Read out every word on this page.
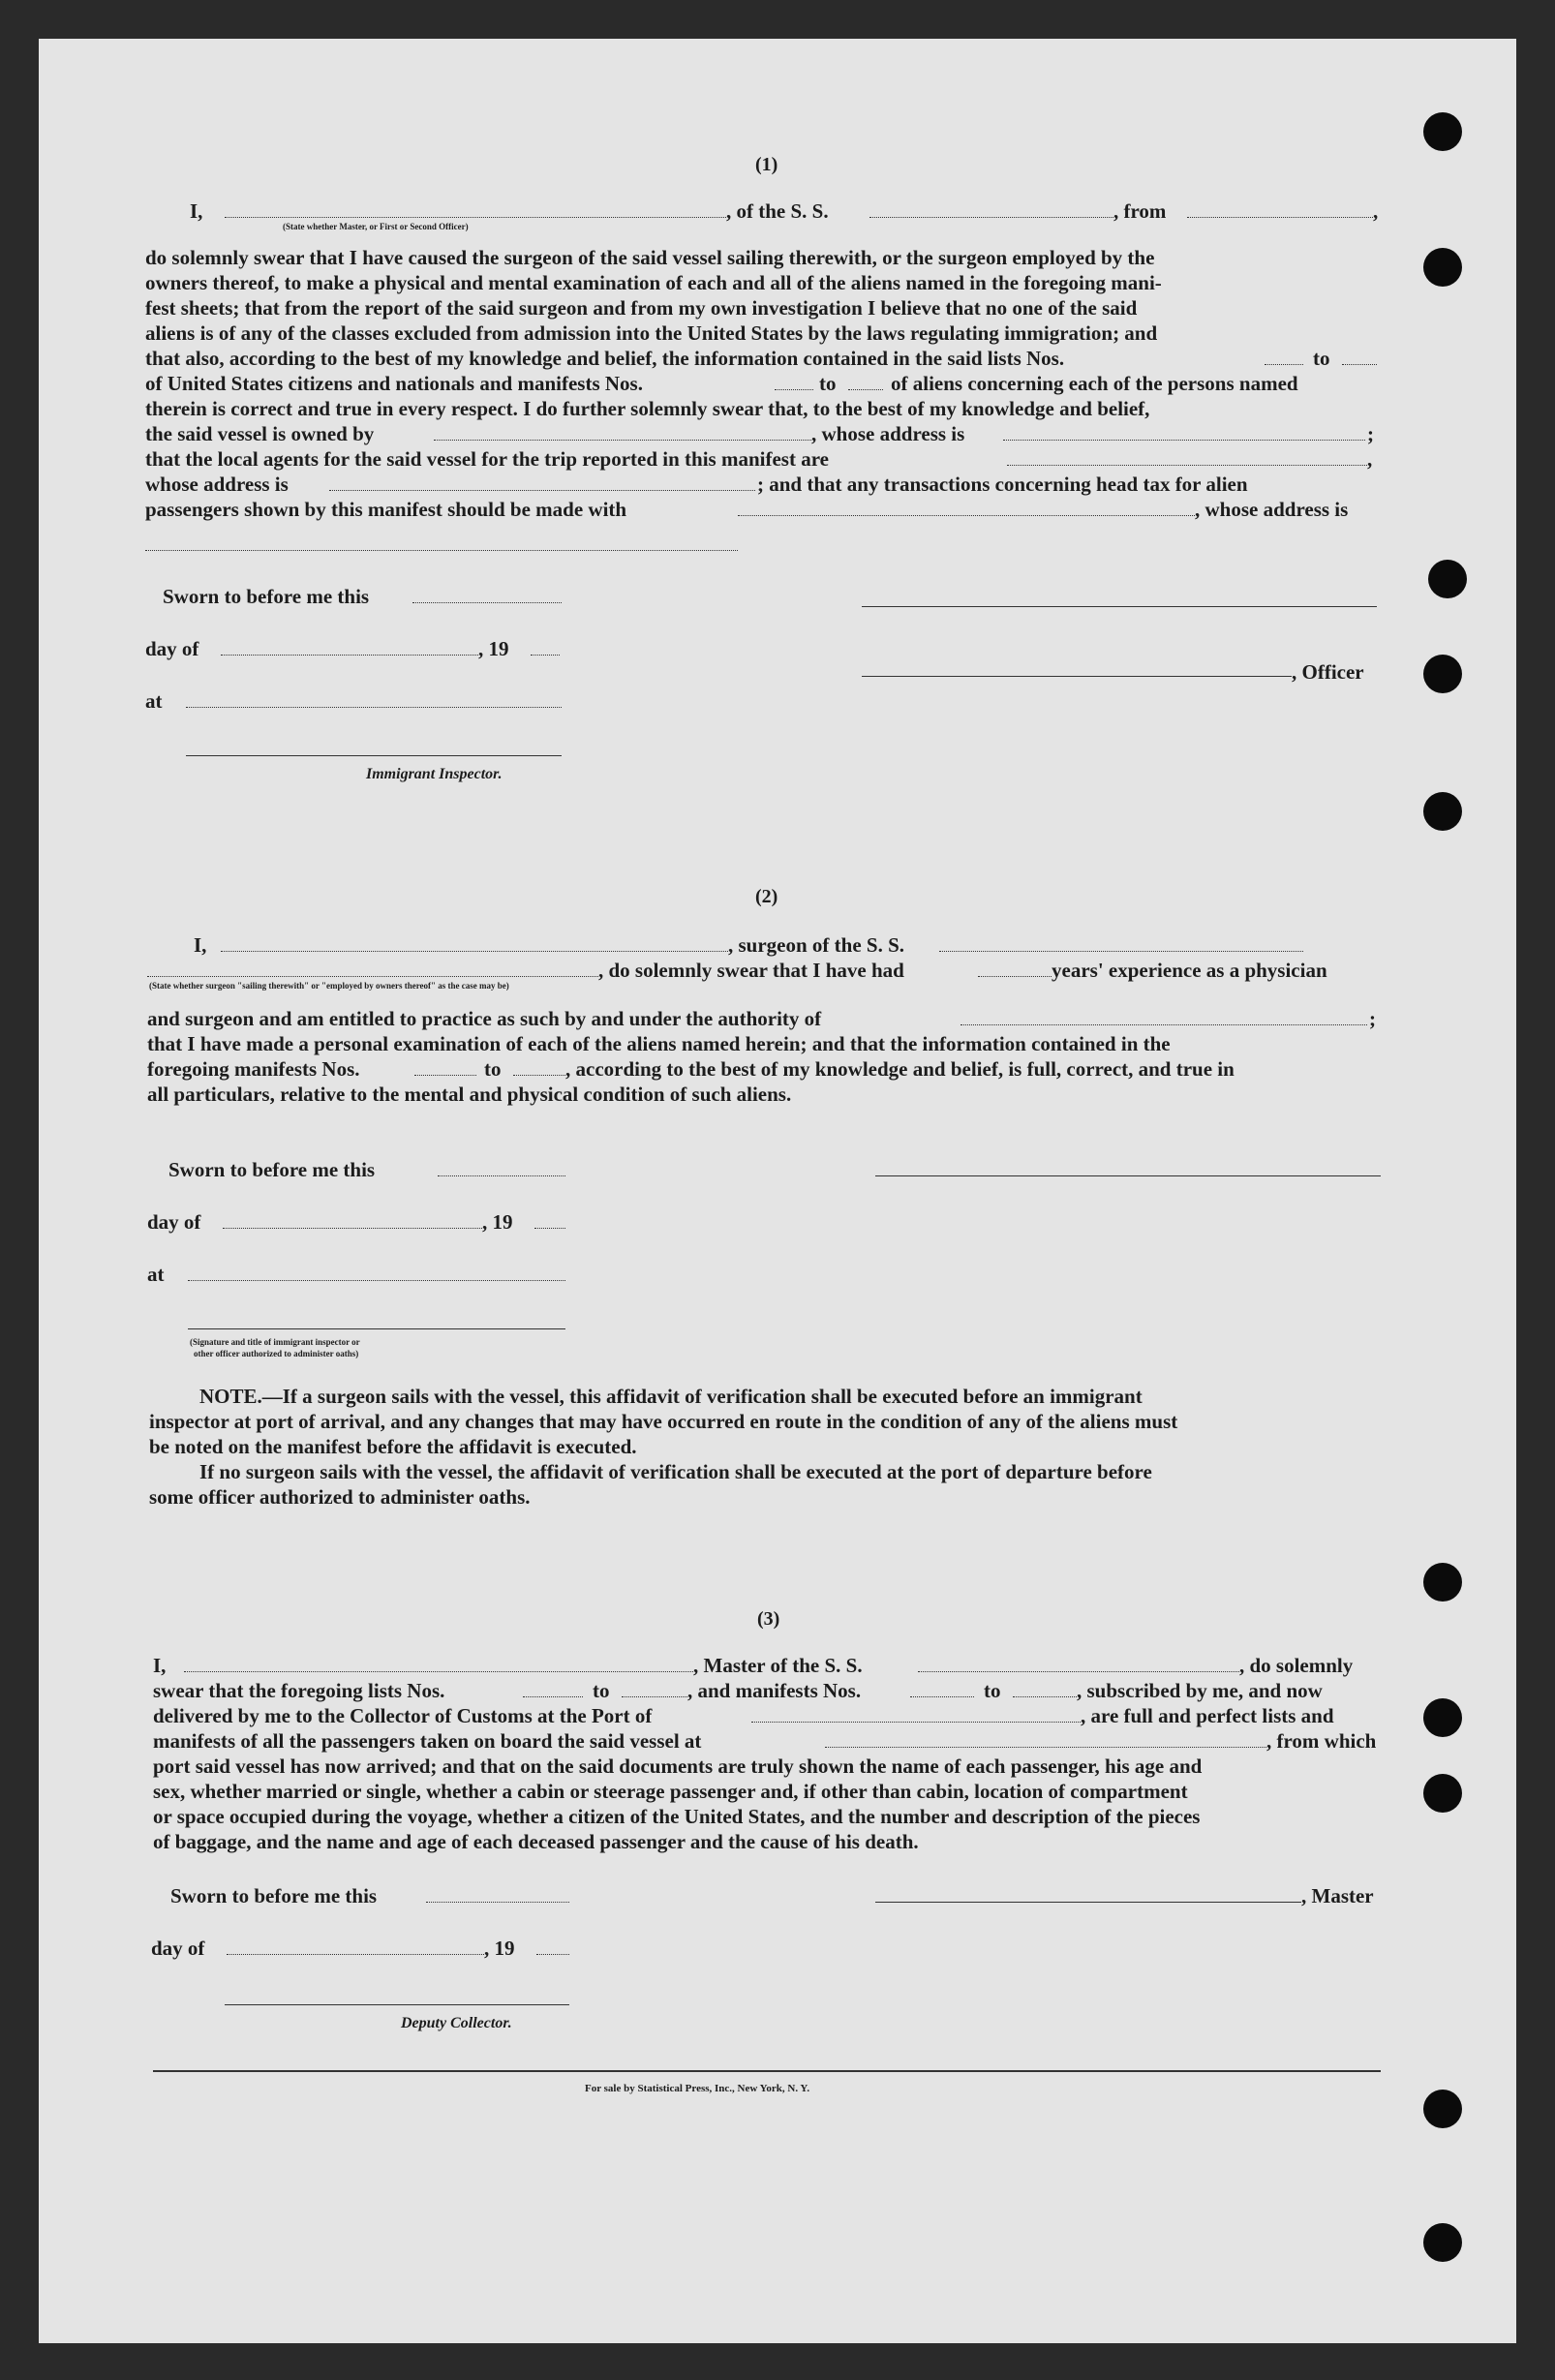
(1)
I,	, of the S. S.	, from	,
(State whether Master, or First or Second Officer)
do solemnly swear that I have caused the surgeon of the said vessel sailing therewith, or the surgeon employed by the
owners thereof, to make a physical and mental examination of each and all of the aliens named in the foregoing mani-
fest sheets; that from the report of the said surgeon and from my own investigation I believe that no one of the said
aliens is of any of the classes excluded from admission into the United States by the laws regulating immigration; and
that also, according to the best of my knowledge and belief, the information contained in the said lists Nos.	to
of United States citizens and nationals and manifests Nos.	to	of aliens concerning each of the persons named
therein is correct and true in every respect. I do further solemnly swear that, to the best of my knowledge and belief,
the said vessel is owned by	, whose address is	;
that the local agents for the said vessel for the trip reported in this manifest are	,
whose address is	; and that any transactions concerning head tax for alien
passengers shown by this manifest should be made with	, whose address is
Sworn to before me this
day of	, 19
, Officer
at
Immigrant Inspector.
(2)
I,	, surgeon of the S. S.
, do solemnly swear that I have had	years' experience as a physician
(State whether surgeon "sailing therewith" or "employed by owners thereof" as the case may be)
and surgeon and am entitled to practice as such by and under the authority of	;
that I have made a personal examination of each of the aliens named herein; and that the information contained in the
foregoing manifests Nos.	to	, according to the best of my knowledge and belief, is full, correct, and true in
all particulars, relative to the mental and physical condition of such aliens.
Sworn to before me this
day of	, 19
at
(Signature and title of immigrant inspector or
other officer authorized to administer oaths)
NOTE.—If a surgeon sails with the vessel, this affidavit of verification shall be executed before an immigrant
inspector at port of arrival, and any changes that may have occurred en route in the condition of any of the aliens must
be noted on the manifest before the affidavit is executed.
If no surgeon sails with the vessel, the affidavit of verification shall be executed at the port of departure before
some officer authorized to administer oaths.
(3)
I,	, Master of the S. S.	, do solemnly
swear that the foregoing lists Nos.	to	, and manifests Nos.	to	, subscribed by me, and now
delivered by me to the Collector of Customs at the Port of	, are full and perfect lists and
manifests of all the passengers taken on board the said vessel at	, from which
port said vessel has now arrived; and that on the said documents are truly shown the name of each passenger, his age and
sex, whether married or single, whether a cabin or steerage passenger and, if other than cabin, location of compartment
or space occupied during the voyage, whether a citizen of the United States, and the number and description of the pieces
of baggage, and the name and age of each deceased passenger and the cause of his death.
Sworn to before me this	, Master
day of	, 19
Deputy Collector.
For sale by Statistical Press, Inc., New York, N. Y.
